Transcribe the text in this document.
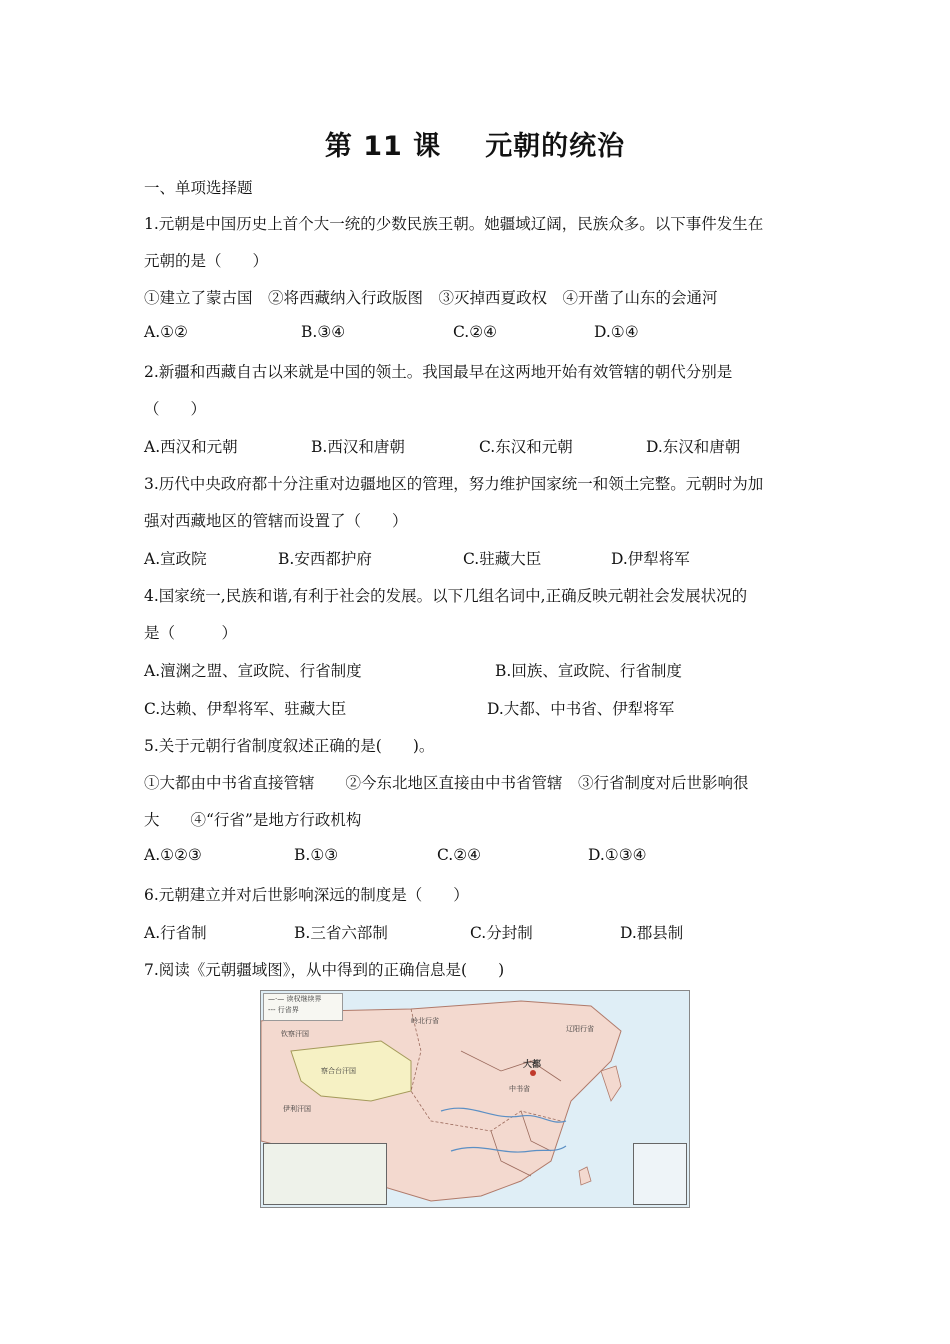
第 11 课 元朝的统治
一、单项选择题
1.元朝是中国历史上首个大一统的少数民族王朝。她疆域辽阔，民族众多。以下事件发生在
元朝的是（　　）
①建立了蒙古国　②将西藏纳入行政版图　③灭掉西夏政权　④开凿了山东的会通河
A.①②	B.③④	C.②④	D.①④
2.新疆和西藏自古以来就是中国的领土。我国最早在这两地开始有效管辖的朝代分别是
（　　）
A.西汉和元朝	B.西汉和唐朝	C.东汉和元朝	D.东汉和唐朝
3.历代中央政府都十分注重对边疆地区的管理，努力维护国家统一和领土完整。元朝时为加
强对西藏地区的管辖而设置了（　　）
A.宣政院	B.安西都护府	C.驻藏大臣	D.伊犁将军
4.国家统一,民族和谐,有利于社会的发展。以下几组名词中,正确反映元朝社会发展状况的
是（　　　）
A.澶渊之盟、宣政院、行省制度	B.回族、宣政院、行省制度
C.达赖、伊犁将军、驻藏大臣	D.大都、中书省、伊犁将军
5.关于元朝行省制度叙述正确的是(　　)。
①大都由中书省直接管辖　　②今东北地区直接由中书省管辖　③行省制度对后世影响很
大　　④“行省”是地方行政机构
A.①②③	B.①③	C.②④	D.①③④
6.元朝建立并对后世影响深远的制度是（　　）
A.行省制	B.三省六部制	C.分封制	D.郡县制
7.阅读《元朝疆域图》，从中得到的正确信息是(　　)
岭北行省
辽阳行省
察合台汗国
钦察汗国
大都
中书省
伊利汗国
—·— 读权继续界
--- 行省界
